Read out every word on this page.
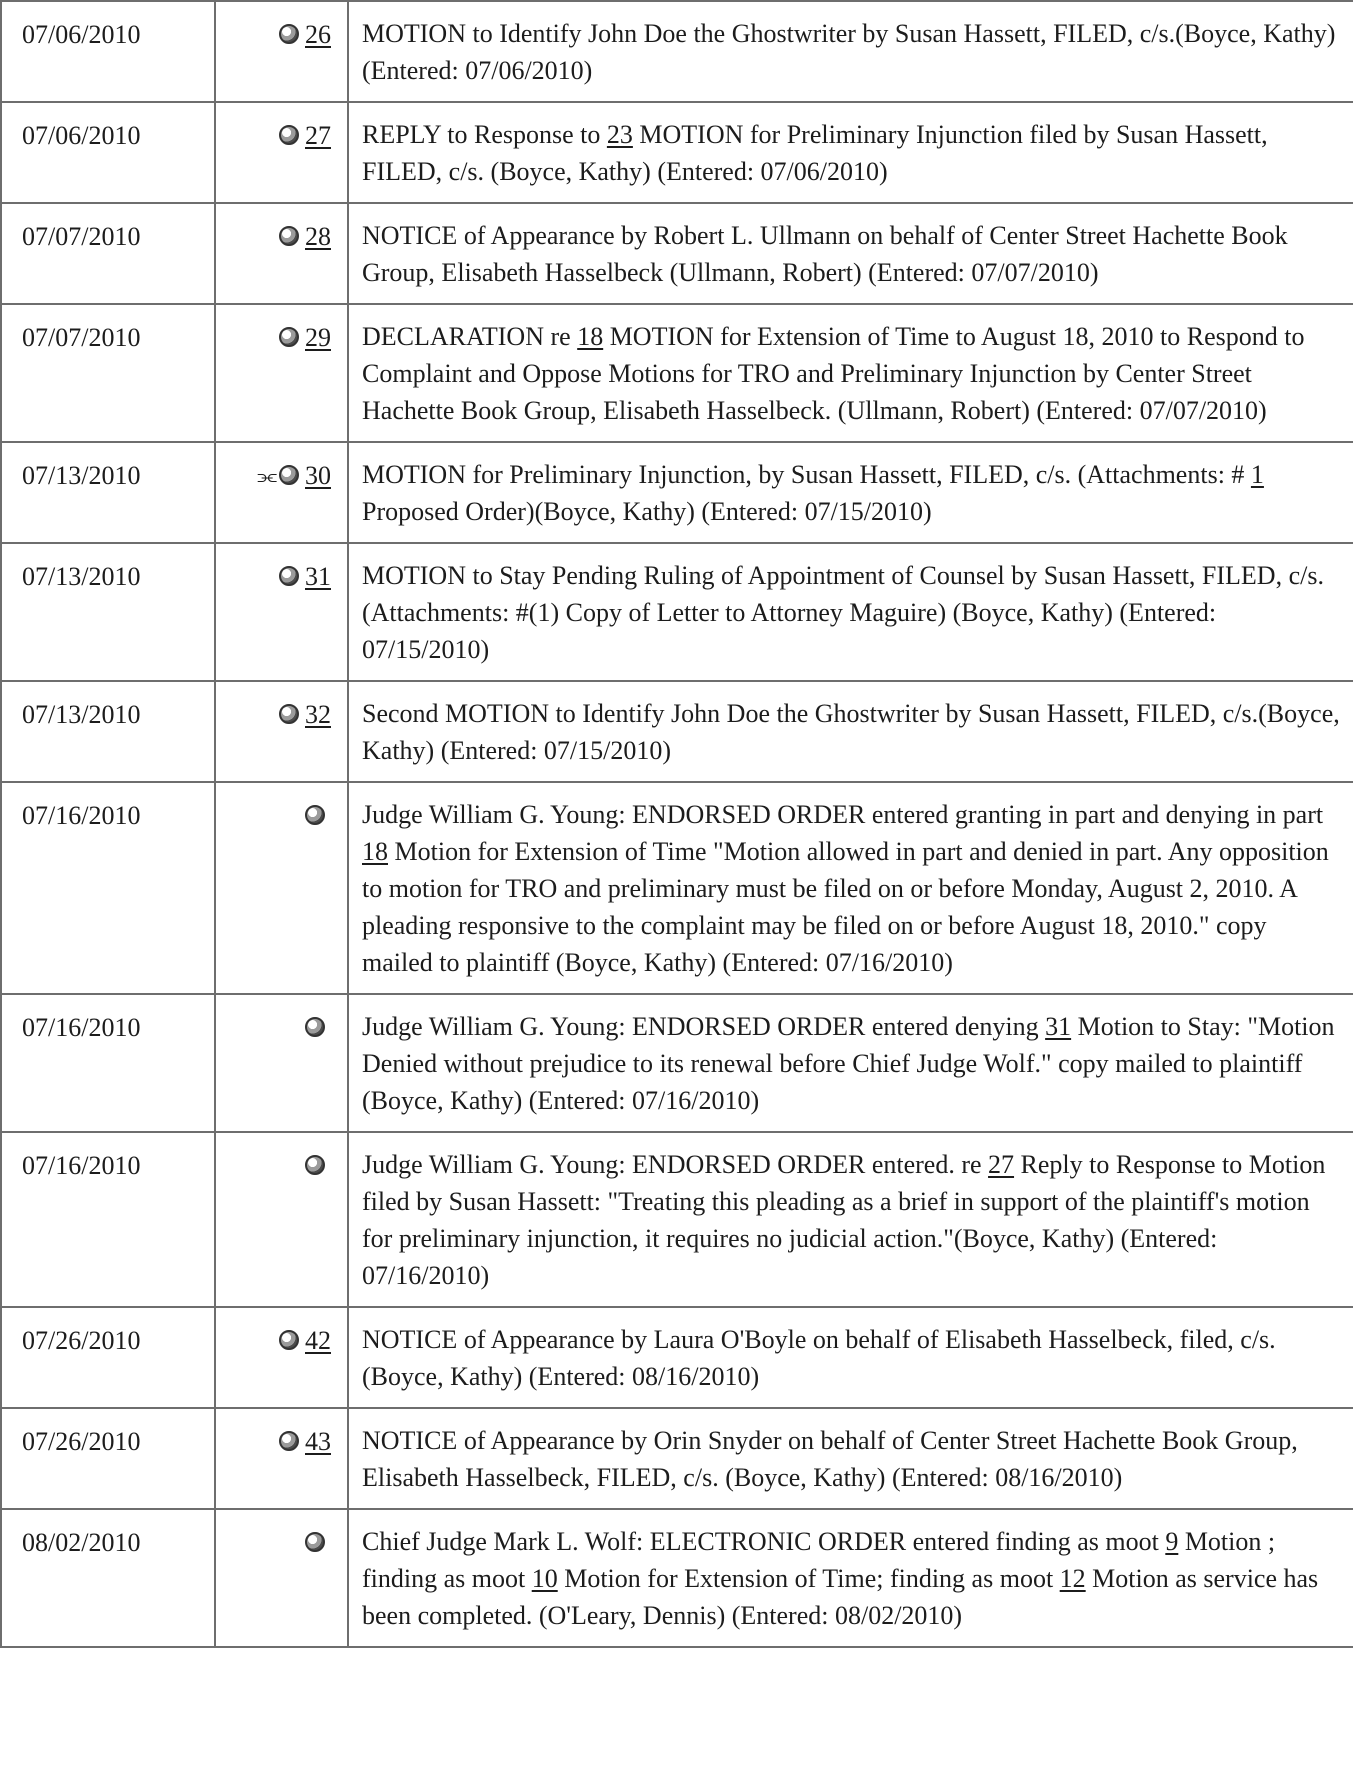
07/06/2010	26	MOTION to Identify John Doe the Ghostwriter by Susan Hassett, FILED, c/s.(Boyce, Kathy) (Entered: 07/06/2010)
07/06/2010	27	REPLY to Response to 23 MOTION for Preliminary Injunction filed by Susan Hassett, FILED, c/s. (Boyce, Kathy) (Entered: 07/06/2010)
07/07/2010	28	NOTICE of Appearance by Robert L. Ullmann on behalf of Center Street Hachette Book Group, Elisabeth Hasselbeck (Ullmann, Robert) (Entered: 07/07/2010)
07/07/2010	29	DECLARATION re 18 MOTION for Extension of Time to August 18, 2010 to Respond to Complaint and Oppose Motions for TRO and Preliminary Injunction by Center Street Hachette Book Group, Elisabeth Hasselbeck. (Ullmann, Robert) (Entered: 07/07/2010)
07/13/2010	⫘ 30	MOTION for Preliminary Injunction, by Susan Hassett, FILED, c/s. (Attachments: # 1 Proposed Order)(Boyce, Kathy) (Entered: 07/15/2010)
07/13/2010	31	MOTION to Stay Pending Ruling of Appointment of Counsel by Susan Hassett, FILED, c/s. (Attachments: #(1) Copy of Letter to Attorney Maguire) (Boyce, Kathy) (Entered: 07/15/2010)
07/13/2010	32	Second MOTION to Identify John Doe the Ghostwriter by Susan Hassett, FILED, c/s.(Boyce, Kathy) (Entered: 07/15/2010)
07/16/2010		Judge William G. Young: ENDORSED ORDER entered granting in part and denying in part 18 Motion for Extension of Time "Motion allowed in part and denied in part. Any opposition to motion for TRO and preliminary must be filed on or before Monday, August 2, 2010. A pleading responsive to the complaint may be filed on or before August 18, 2010." copy mailed to plaintiff (Boyce, Kathy) (Entered: 07/16/2010)
07/16/2010		Judge William G. Young: ENDORSED ORDER entered denying 31 Motion to Stay: "Motion Denied without prejudice to its renewal before Chief Judge Wolf." copy mailed to plaintiff (Boyce, Kathy) (Entered: 07/16/2010)
07/16/2010		Judge William G. Young: ENDORSED ORDER entered. re 27 Reply to Response to Motion filed by Susan Hassett: "Treating this pleading as a brief in support of the plaintiff's motion for preliminary injunction, it requires no judicial action."(Boyce, Kathy) (Entered: 07/16/2010)
07/26/2010	42	NOTICE of Appearance by Laura O'Boyle on behalf of Elisabeth Hasselbeck, filed, c/s. (Boyce, Kathy) (Entered: 08/16/2010)
07/26/2010	43	NOTICE of Appearance by Orin Snyder on behalf of Center Street Hachette Book Group, Elisabeth Hasselbeck, FILED, c/s. (Boyce, Kathy) (Entered: 08/16/2010)
08/02/2010		Chief Judge Mark L. Wolf: ELECTRONIC ORDER entered finding as moot 9 Motion ; finding as moot 10 Motion for Extension of Time; finding as moot 12 Motion as service has been completed. (O'Leary, Dennis) (Entered: 08/02/2010)
